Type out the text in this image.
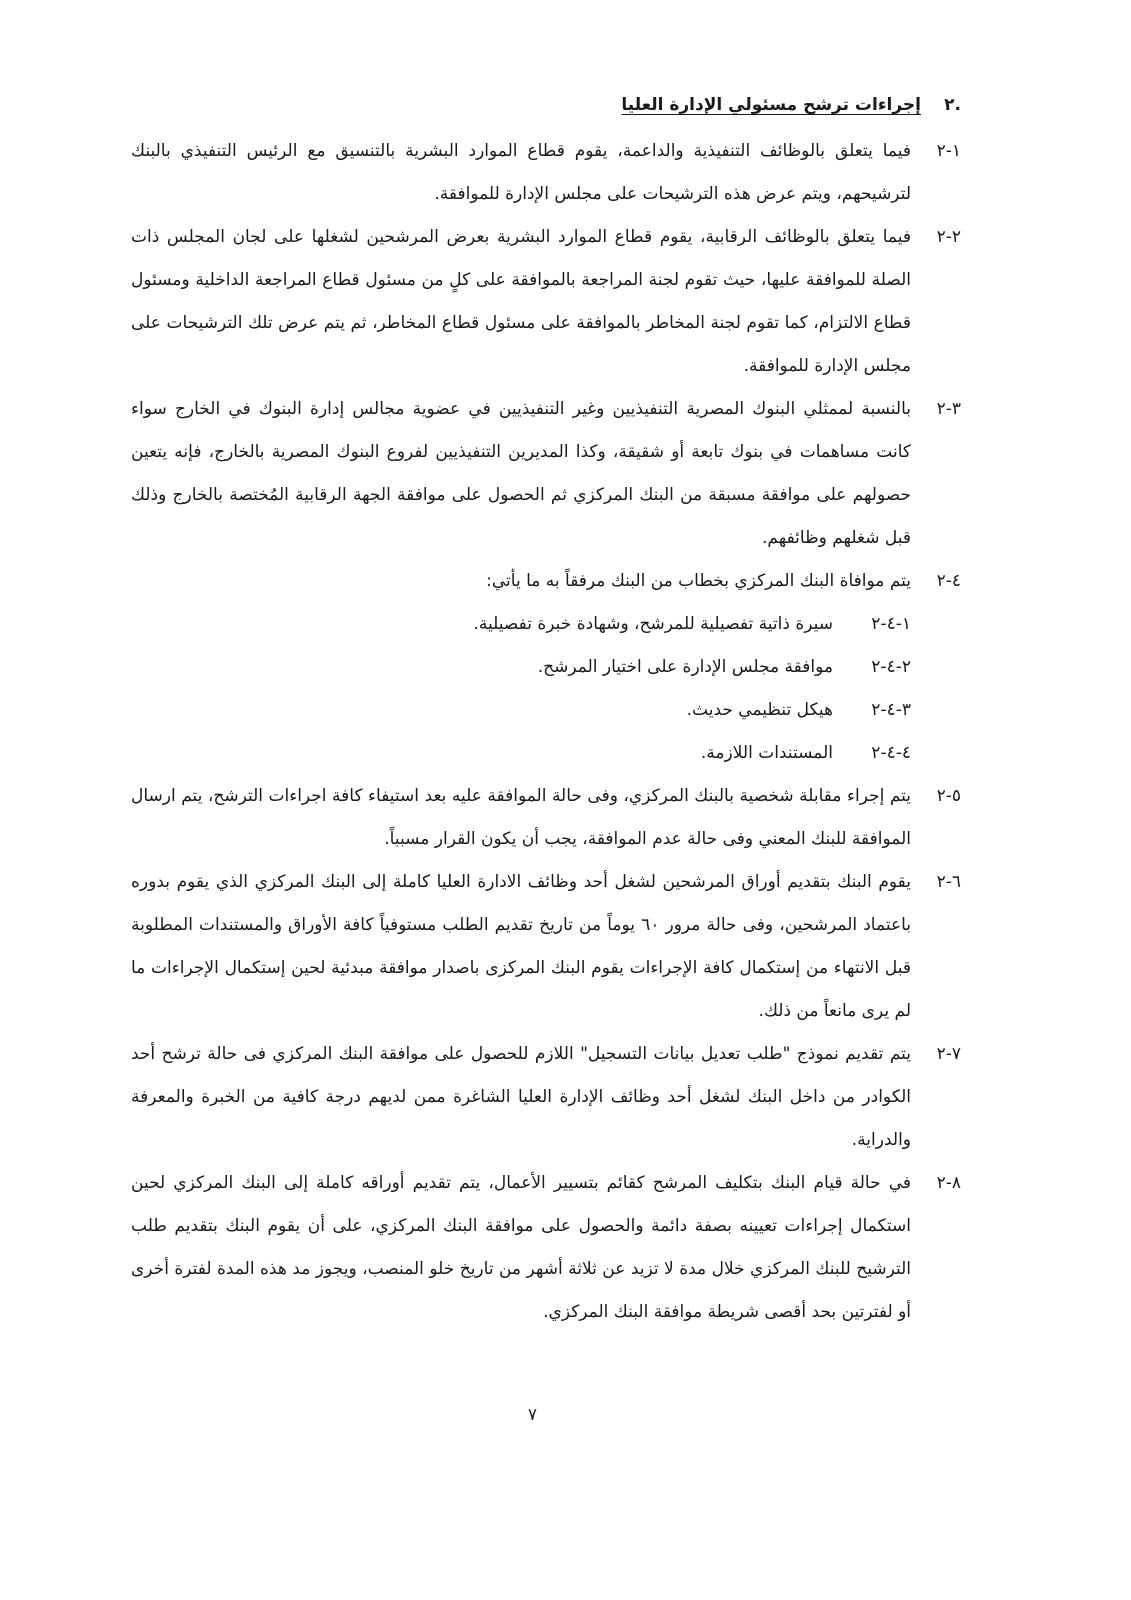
.٢
إجراءات ترشح مسئولي الإدارة العليا
١-٢
فيما يتعلق بالوظائف التنفيذية والداعمة، يقوم قطاع الموارد البشرية بالتنسيق مع الرئيس التنفيذي بالبنك لترشيحهم، ويتم عرض هذه الترشيحات على مجلس الإدارة للموافقة.
٢-٢
فيما يتعلق بالوظائف الرقابية، يقوم قطاع الموارد البشرية بعرض المرشحين لشغلها على لجان المجلس ذات الصلة للموافقة عليها، حيث تقوم لجنة المراجعة بالموافقة على كلٍ من مسئول قطاع المراجعة الداخلية ومسئول قطاع الالتزام، كما تقوم لجنة المخاطر بالموافقة على مسئول قطاع المخاطر، ثم يتم عرض تلك الترشيحات على مجلس الإدارة للموافقة.
٣-٢
بالنسبة لممثلي البنوك المصرية التنفيذيين وغير التنفيذيين في عضوية مجالس إدارة البنوك في الخارج سواء كانت مساهمات في بنوك تابعة أو شقيقة، وكذا المديرين التنفيذيين لفروع البنوك المصرية بالخارج، فإنه يتعين حصولهم على موافقة مسبقة من البنك المركزي ثم الحصول على موافقة الجهة الرقابية المُختصة بالخارج وذلك قبل شغلهم وظائفهم.
٤-٢
يتم موافاة البنك المركزي بخطاب من البنك مرفقاً به ما يأتي:
١-٤-٢
سيرة ذاتية تفصيلية للمرشح، وشهادة خبرة تفصيلية.
٢-٤-٢
موافقة مجلس الإدارة على اختيار المرشح.
٣-٤-٢
هيكل تنظيمي حديث.
٤-٤-٢
المستندات اللازمة.
٥-٢
يتم إجراء مقابلة شخصية بالبنك المركزي، وفى حالة الموافقة عليه بعد استيفاء كافة اجراءات الترشح، يتم ارسال الموافقة للبنك المعني وفى حالة عدم الموافقة، يجب أن يكون القرار مسبباً.
٦-٢
يقوم البنك بتقديم أوراق المرشحين لشغل أحد وظائف الادارة العليا كاملة إلى البنك المركزي الذي يقوم بدوره باعتماد المرشحين، وفى حالة مرور ٦٠ يوماً من تاريخ تقديم الطلب مستوفياً كافة الأوراق والمستندات المطلوبة قبل الانتهاء من إستكمال كافة الإجراءات يقوم البنك المركزى باصدار موافقة مبدئية لحين إستكمال الإجراءات ما لم يرى مانعاً من ذلك.
٧-٢
يتم تقديم نموذج "طلب تعديل بيانات التسجيل" اللازم للحصول على موافقة البنك المركزي فى حالة ترشح أحد الكوادر من داخل البنك لشغل أحد وظائف الإدارة العليا الشاغرة ممن لديهم درجة كافية من الخبرة والمعرفة والدراية.
٨-٢
في حالة قيام البنك بتكليف المرشح كقائم بتسيير الأعمال، يتم تقديم أوراقه كاملة إلى البنك المركزي لحين استكمال إجراءات تعيينه بصفة دائمة والحصول على موافقة البنك المركزي، على أن يقوم البنك بتقديم طلب الترشيح للبنك المركزي خلال مدة لا تزيد عن ثلاثة أشهر من تاريخ خلو المنصب، ويجوز مد هذه المدة لفترة أخرى أو لفترتين بحد أقصى شريطة موافقة البنك المركزي.
٧
